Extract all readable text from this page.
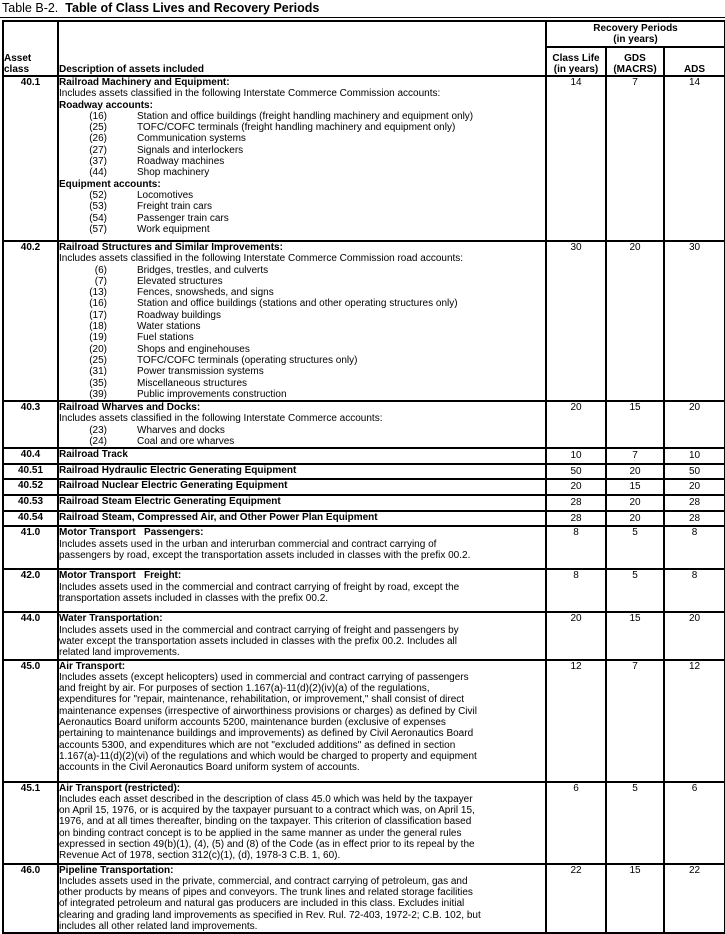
Table B-2. Table of Class Lives and Recovery Periods
Asset
class	Description of assets included	
Recovery Periods
(in years)

Class Life
(in years)

GDS
(MACRS)	ADS
40.1	Railroad Machinery and Equipment:
Includes assets classified in the following Interstate Commerce Commission accounts:
Roadway accounts:
(16)	Station and office buildings (freight handling machinery and equipment only)
(25)	TOFC/COFC terminals (freight handling machinery and equipment only)
(26)	Communication systems
(27)	Signals and interlockers
(37)	Roadway machines
(44)	Shop machinery
Equipment accounts:
(52)	Locomotives
(53)	Freight train cars
(54)	Passenger train cars
(57)	Work equipment
	14	7	14
40.2	Railroad Structures and Similar Improvements:
Includes assets classified in the following Interstate Commerce Commission road accounts:
(6)	Bridges, trestles, and culverts
(7)	Elevated structures
(13)	Fences, snowsheds, and signs
(16)	Station and office buildings (stations and other operating structures only)
(17)	Roadway buildings
(18)	Water stations
(19)	Fuel stations
(20)	Shops and enginehouses
(25)	TOFC/COFC terminals (operating structures only)
(31)	Power transmission systems
(35)	Miscellaneous structures
(39)	Public improvements construction
	30	20	30
40.3	Railroad Wharves and Docks:
Includes assets classified in the following Interstate Commerce accounts:
(23) Wharves and docks
(24) Coal and ore wharves	20	15	20
40.4	Railroad Track	10	7	10
40.51	Railroad Hydraulic Electric Generating Equipment	50	20	50
40.52	Railroad Nuclear Electric Generating Equipment	20	15	20
40.53	Railroad Steam Electric Generating Equipment	28	20	28
40.54	Railroad Steam, Compressed Air, and Other Power Plan Equipment	28	20	28
41.0	Motor Transport   Passengers:
Includes assets used in the urban and interurban commercial and contract carrying of
passengers by road, except the transportation assets included in classes with the prefix 00.2.	8	5	8
42.0	Motor Transport   Freight:
Includes assets used in the commercial and contract carrying of freight by road, except the
transportation assets included in classes with the prefix 00.2.	8	5	8
44.0	Water Transportation:
Includes assets used in the commercial and contract carrying of freight and passengers by
water except the transportation assets included in classes with the prefix 00.2. Includes all
related land improvements.	20	15	20
45.0	Air Transport:
Includes assets (except helicopters) used in commercial and contract carrying of passengers
and freight by air. For purposes of section 1.167(a)-11(d)(2)(iv)(a) of the regulations,
expenditures for "repair, maintenance, rehabilitation, or improvement," shall consist of direct
maintenance expenses (irrespective of airworthiness provisions or charges) as defined by Civil
Aeronautics Board uniform accounts 5200, maintenance burden (exclusive of expenses
pertaining to maintenance buildings and improvements) as defined by Civil Aeronautics Board
accounts 5300, and expenditures which are not "excluded additions" as defined in section
1.167(a)-11(d)(2)(vi) of the regulations and which would be charged to property and equipment
accounts in the Civil Aeronautics Board uniform system of accounts.
	12	7	12
45.1	Air Transport (restricted):
Includes each asset described in the description of class 45.0 which was held by the taxpayer
on April 15, 1976, or is acquired by the taxpayer pursuant to a contract which was, on April 15,
1976, and at all times thereafter, binding on the taxpayer. This criterion of classification based
on binding contract concept is to be applied in the same manner as under the general rules
expressed in section 49(b)(1), (4), (5) and (8) of the Code (as in effect prior to its repeal by the
Revenue Act of 1978, section 312(c)(1), (d), 1978-3 C.B. 1, 60).
	6	5	6
46.0	Pipeline Transportation:
Includes assets used in the private, commercial, and contract carrying of petroleum, gas and
other products by means of pipes and conveyors. The trunk lines and related storage facilities
of integrated petroleum and natural gas producers are included in this class. Excludes initial
clearing and grading land improvements as specified in Rev. Rul. 72-403, 1972-2; C.B. 102, but
includes all other related land improvements.
	22	15	22
